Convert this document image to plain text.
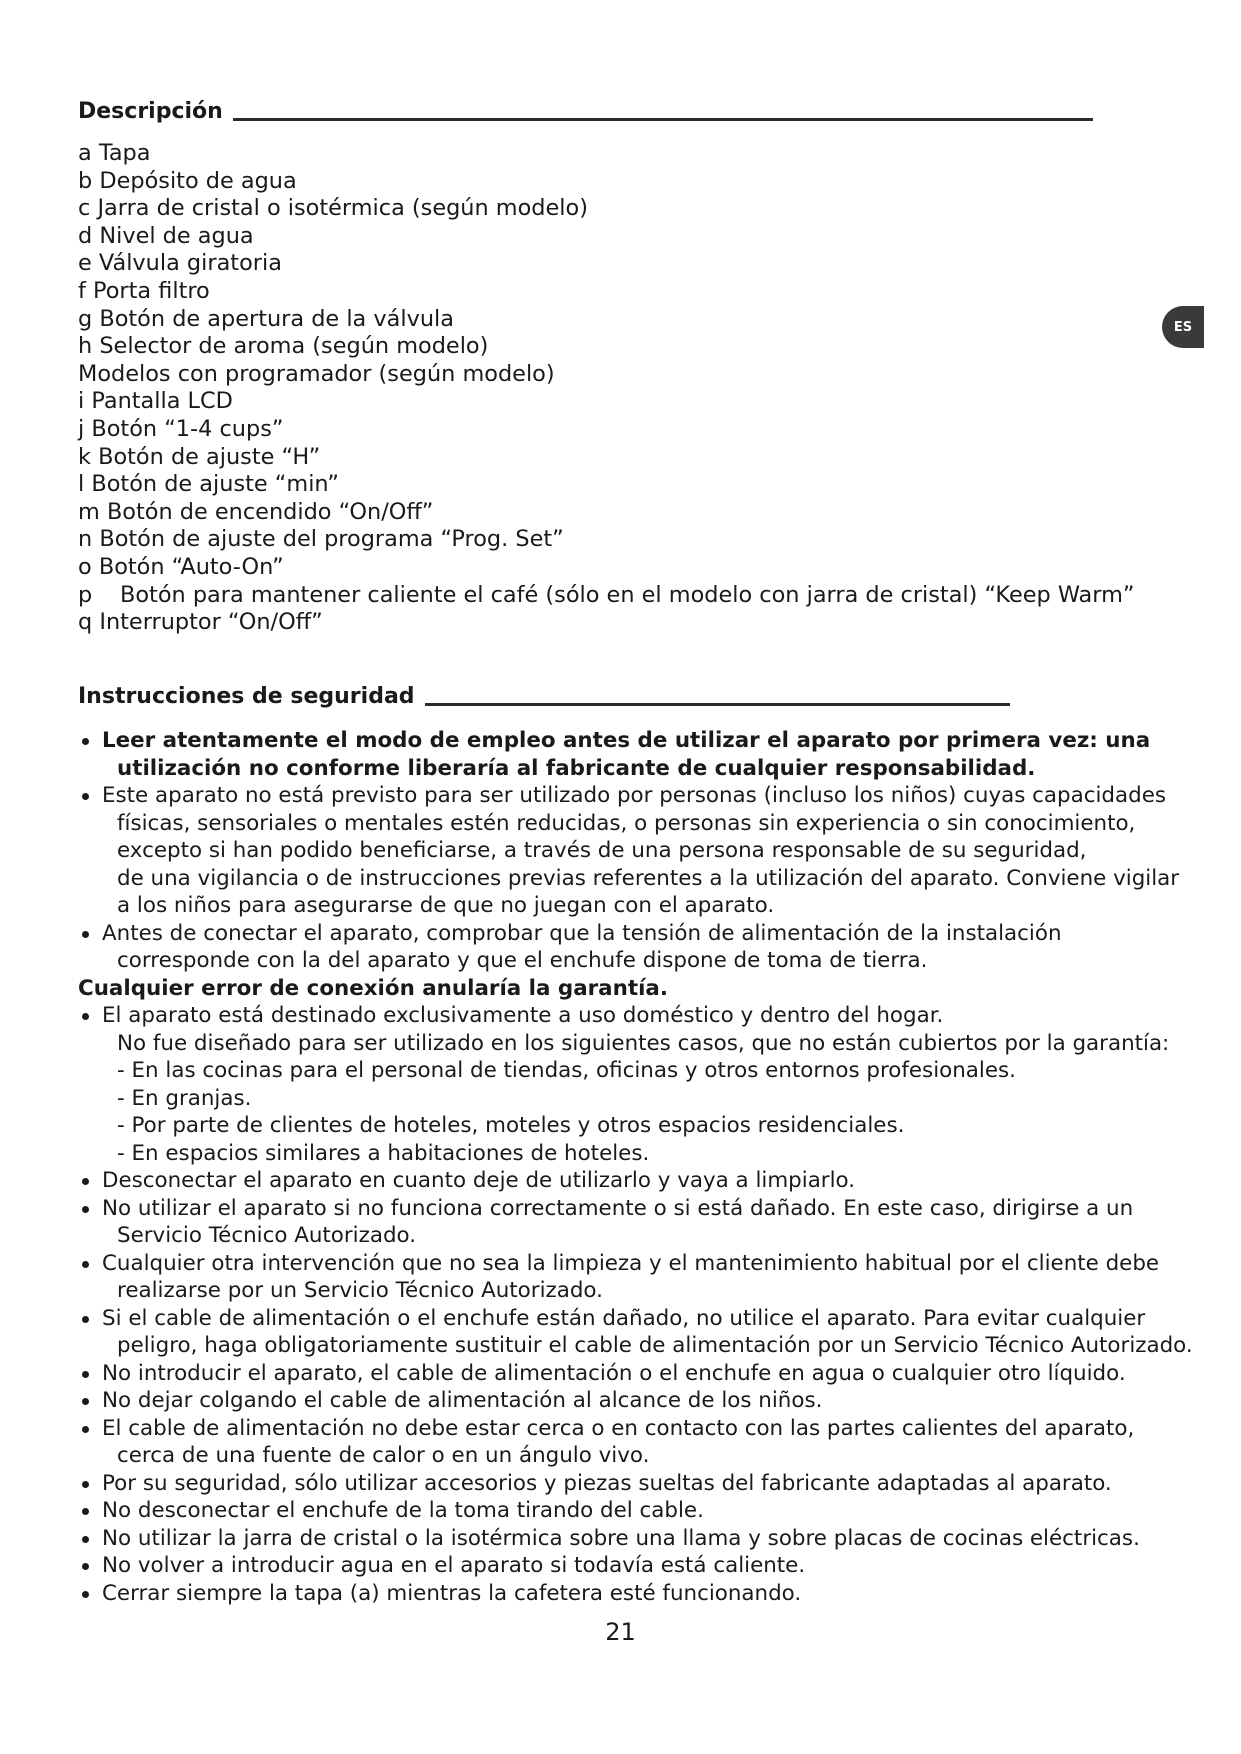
Descripción
a Tapa
b Depósito de agua
c Jarra de cristal o isotérmica (según modelo)
d Nivel de agua
e Válvula giratoria
f Porta filtro
g Botón de apertura de la válvula
h Selector de aroma (según modelo)
Modelos con programador (según modelo)
i Pantalla LCD
j Botón “1-4 cups”
k Botón de ajuste “H”
l Botón de ajuste “min”
m Botón de encendido “On/Off”
n Botón de ajuste del programa “Prog. Set”
o Botón “Auto-On”
p Botón para mantener caliente el café (sólo en el modelo con jarra de cristal) “Keep Warm”
q Interruptor “On/Off”
Instrucciones de seguridad
Leer atentamente el modo de empleo antes de utilizar el aparato por primera vez: una
utilización no conforme liberaría al fabricante de cualquier responsabilidad.
Este aparato no está previsto para ser utilizado por personas (incluso los niños) cuyas capacidades
físicas, sensoriales o mentales estén reducidas, o personas sin experiencia o sin conocimiento,
excepto si han podido beneficiarse, a través de una persona responsable de su seguridad,
de una vigilancia o de instrucciones previas referentes a la utilización del aparato. Conviene vigilar
a los niños para asegurarse de que no juegan con el aparato.
Antes de conectar el aparato, comprobar que la tensión de alimentación de la instalación
corresponde con la del aparato y que el enchufe dispone de toma de tierra.
Cualquier error de conexión anularía la garantía.
El aparato está destinado exclusivamente a uso doméstico y dentro del hogar.
No fue diseñado para ser utilizado en los siguientes casos, que no están cubiertos por la garantía:
- En las cocinas para el personal de tiendas, oficinas y otros entornos profesionales.
- En granjas.
- Por parte de clientes de hoteles, moteles y otros espacios residenciales.
- En espacios similares a habitaciones de hoteles.
Desconectar el aparato en cuanto deje de utilizarlo y vaya a limpiarlo.
No utilizar el aparato si no funciona correctamente o si está dañado. En este caso, dirigirse a un
Servicio Técnico Autorizado.
Cualquier otra intervención que no sea la limpieza y el mantenimiento habitual por el cliente debe
realizarse por un Servicio Técnico Autorizado.
Si el cable de alimentación o el enchufe están dañado, no utilice el aparato. Para evitar cualquier
peligro, haga obligatoriamente sustituir el cable de alimentación por un Servicio Técnico Autorizado.
No introducir el aparato, el cable de alimentación o el enchufe en agua o cualquier otro líquido.
No dejar colgando el cable de alimentación al alcance de los niños.
El cable de alimentación no debe estar cerca o en contacto con las partes calientes del aparato,
cerca de una fuente de calor o en un ángulo vivo.
Por su seguridad, sólo utilizar accesorios y piezas sueltas del fabricante adaptadas al aparato.
No desconectar el enchufe de la toma tirando del cable.
No utilizar la jarra de cristal o la isotérmica sobre una llama y sobre placas de cocinas eléctricas.
No volver a introducir agua en el aparato si todavía está caliente.
Cerrar siempre la tapa (a) mientras la cafetera esté funcionando.
ES
21
